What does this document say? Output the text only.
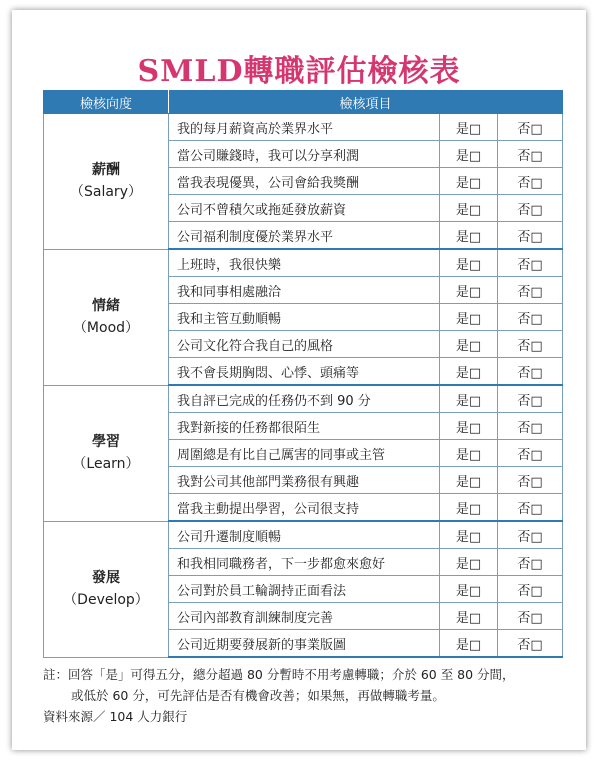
SMLD轉職評估檢核表
檢核向度	檢核項目		

薪酬
（Salary）	我的每月薪資高於業界水平	是□	否□
	當公司賺錢時，我可以分享利潤	是□	否□
	當我表現優異，公司會給我獎酬	是□	否□
	公司不曾積欠或拖延發放薪資	是□	否□
	公司福利制度優於業界水平	是□	否□

情緒
（Mood）	上班時，我很快樂	是□	否□
	我和同事相處融洽	是□	否□
	我和主管互動順暢	是□	否□
	公司文化符合我自己的風格	是□	否□
	我不會長期胸悶、心悸、頭痛等	是□	否□

學習
（Learn）	我自評已完成的任務仍不到 90 分	是□	否□
	我對新接的任務都很陌生	是□	否□
	周圍總是有比自己厲害的同事或主管	是□	否□
	我對公司其他部門業務很有興趣	是□	否□
	當我主動提出學習，公司很支持	是□	否□

發展
（Develop）	公司升遷制度順暢	是□	否□
	和我相同職務者，下一步都愈來愈好	是□	否□
	公司對於員工輪調持正面看法	是□	否□
	公司內部教育訓練制度完善	是□	否□
	公司近期要發展新的事業版圖	是□	否□
註：回答「是」可得五分，總分超過 80 分暫時不用考慮轉職；介於 60 至 80 分間，
或低於 60 分，可先評估是否有機會改善；如果無，再做轉職考量。
資料來源／ 104 人力銀行
